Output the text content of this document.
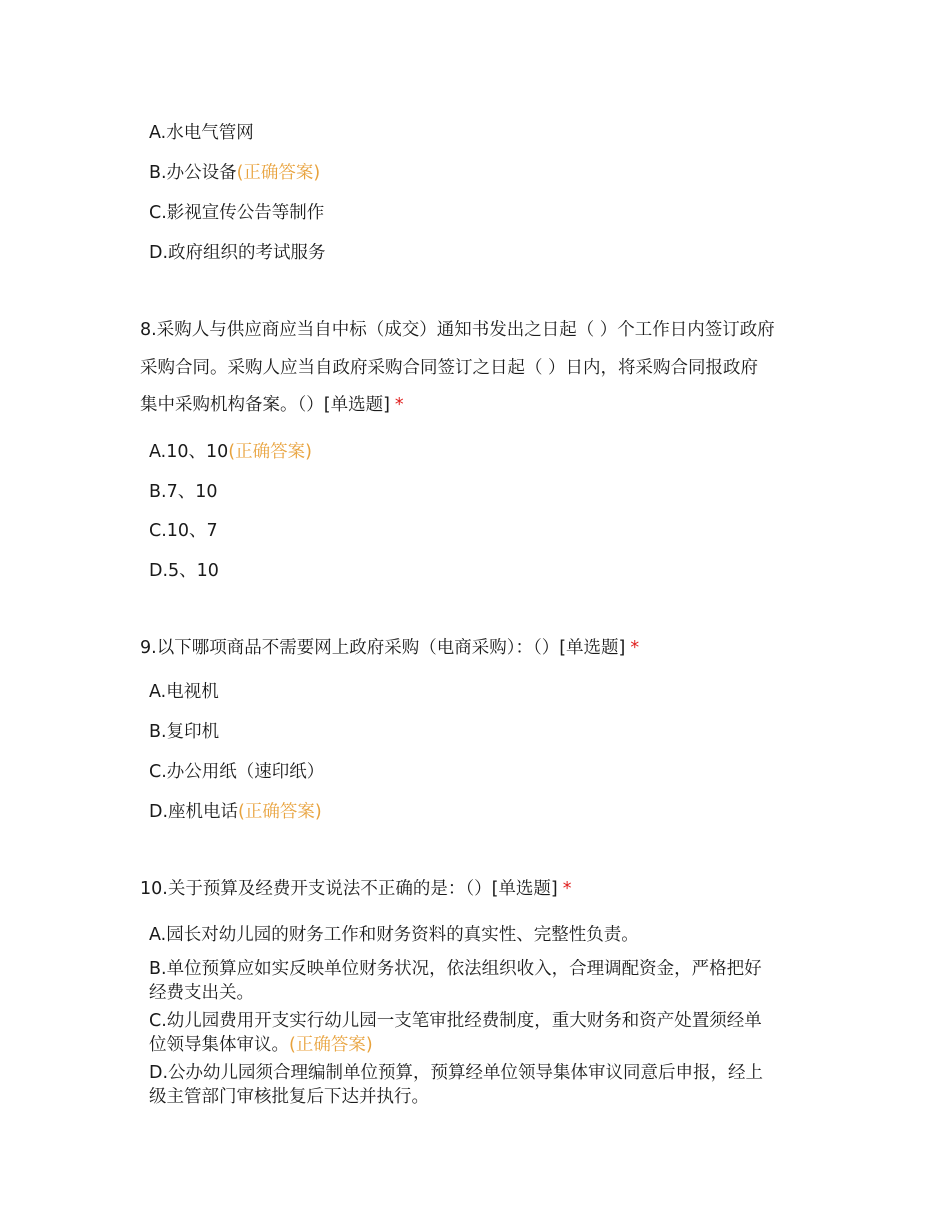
A.水电气管网
B.办公设备(正确答案)
C.影视宣传公告等制作
D.政府组织的考试服务
8.采购人与供应商应当自中标（成交）通知书发出之日起（ ）个工作日内签订政府
采购合同。采购人应当自政府采购合同签订之日起（ ）日内，将采购合同报政府
集中采购机构备案。（）[单选题] *
A.10、10(正确答案)
B.7、10
C.10、7
D.5、10
9.以下哪项商品不需要网上政府采购（电商采购）：（）[单选题] *
A.电视机
B.复印机
C.办公用纸（速印纸）
D.座机电话(正确答案)
10.关于预算及经费开支说法不正确的是：（）[单选题] *
A.园长对幼儿园的财务工作和财务资料的真实性、完整性负责。
B.单位预算应如实反映单位财务状况，依法组织收入，合理调配资金，严格把好
经费支出关。
C.幼儿园费用开支实行幼儿园一支笔审批经费制度，重大财务和资产处置须经单
位领导集体审议。(正确答案)
D.公办幼儿园须合理编制单位预算，预算经单位领导集体审议同意后申报，经上
级主管部门审核批复后下达并执行。
